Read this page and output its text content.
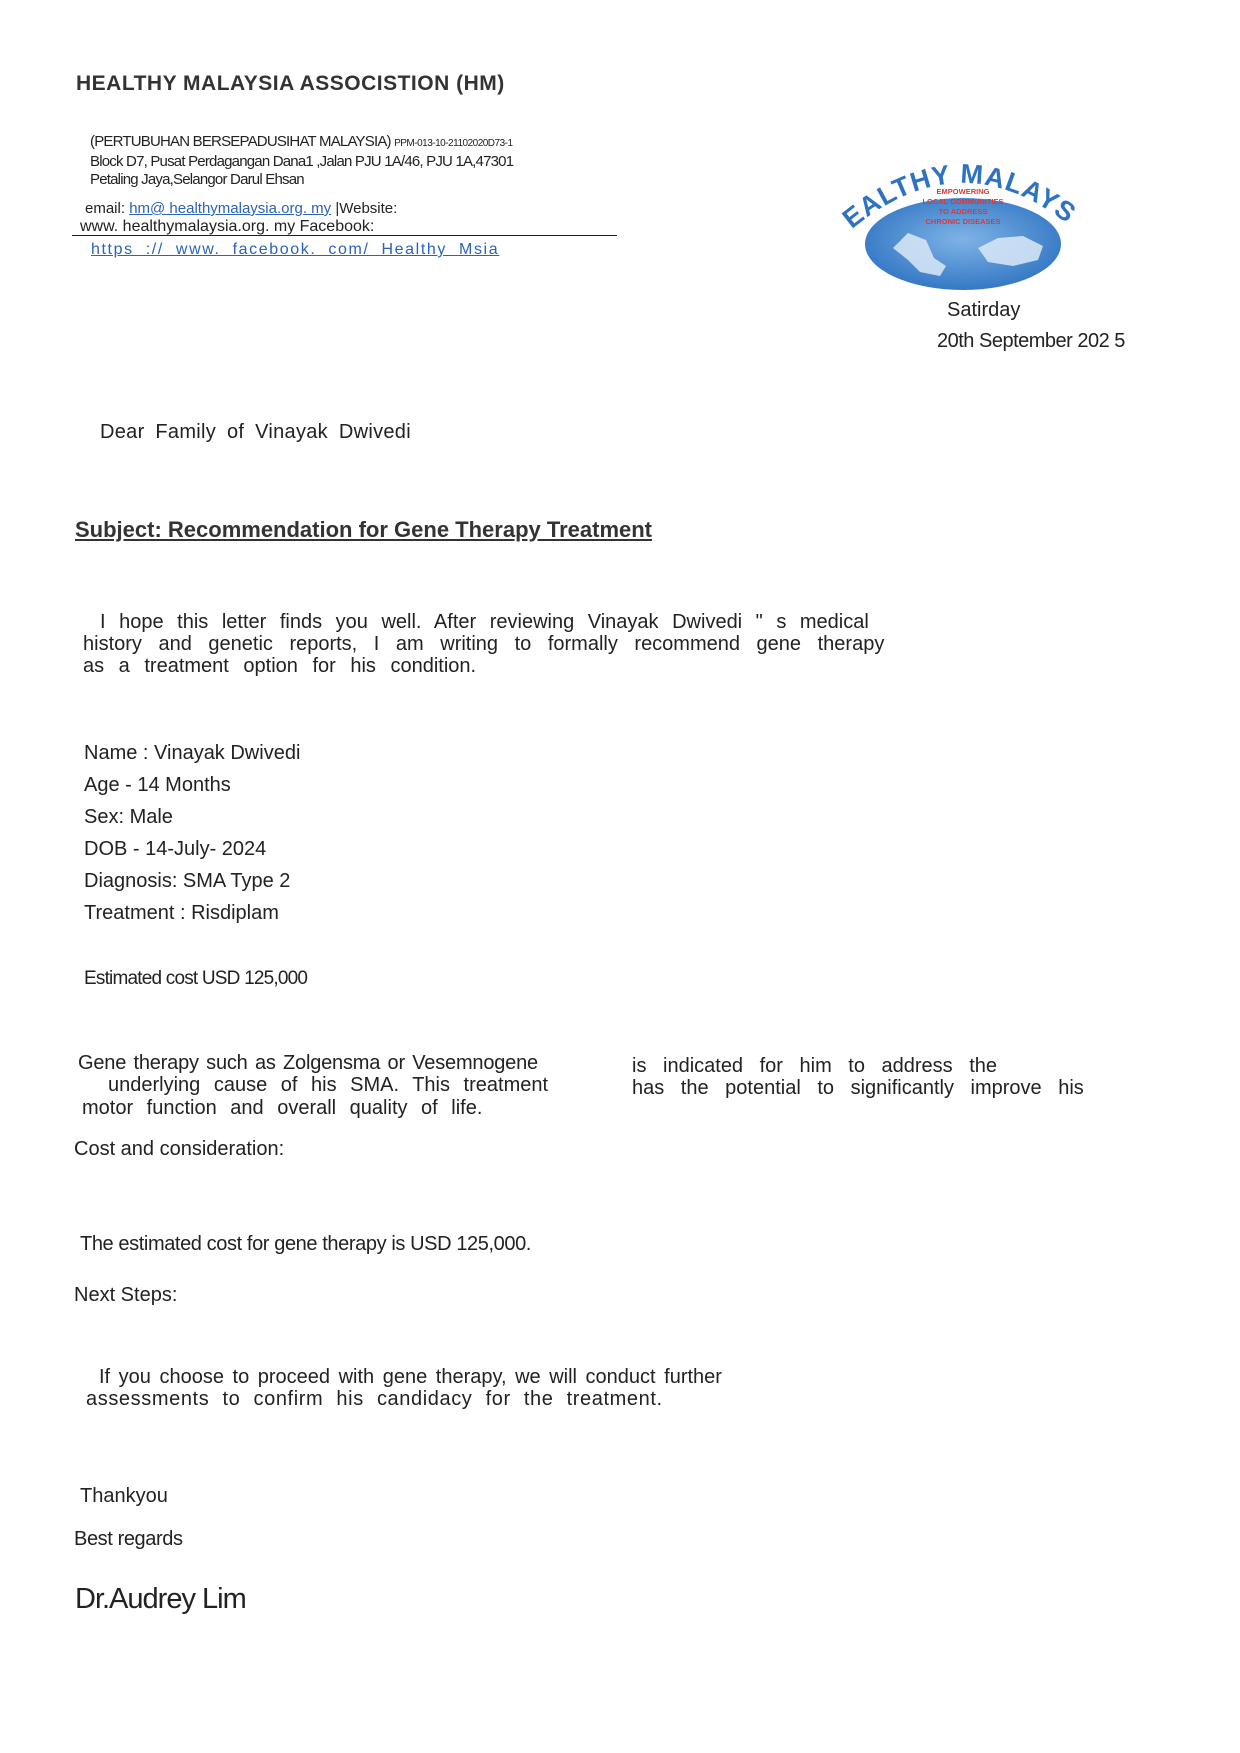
HEALTHY MALAYSIA ASSOCISTION (HM)
(PERTUBUHAN BERSEPADUSIHAT MALAYSIA) PPM-013-10-21102020D73-1
Block D7, Pusat Perdagangan Dana1 ,Jalan PJU 1A/46, PJU 1A,47301
Petaling Jaya,Selangor Darul Ehsan
email: hm@ healthymalaysia.org. my |Website:
www. healthymalaysia.org. my Facebook:
https :// www. facebook. com/ Healthy Msia
EALTHY MALAYS
EMPOWERING
LOCAL COMMUNITIES
TO ADDRESS
CHRONIC DISEASES
Satirday
20th September 202 5
Dear Family of Vinayak Dwivedi
Subject: Recommendation for Gene Therapy Treatment
I hope this letter finds you well. After reviewing Vinayak Dwivedi " s medical
history and genetic reports, I am writing to formally recommend gene therapy
as a treatment option for his condition.
Name : Vinayak Dwivedi
Age - 14 Months
Sex: Male
DOB - 14-July- 2024
Diagnosis: SMA Type 2
Treatment : Risdiplam
Estimated cost USD 125,000
Gene therapy such as Zolgensma or Vesemnogene
underlying cause of his SMA. This treatment
motor function and overall quality of life.
is indicated for him to address the
has the potential to significantly improve his
Cost and consideration:
The estimated cost for gene therapy is USD 125,000.
Next Steps:
If you choose to proceed with gene therapy, we will conduct further
assessments to confirm his candidacy for the treatment.
Thankyou
Best regards
Dr.Audrey Lim
